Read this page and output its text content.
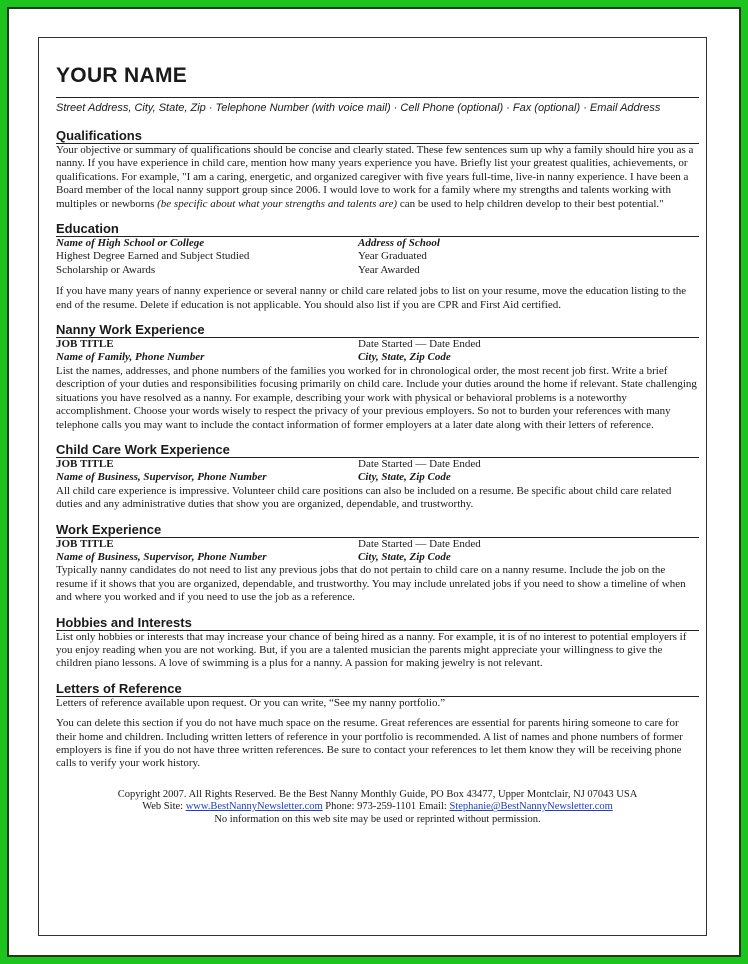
YOUR NAME
Street Address, City, State, Zip · Telephone Number (with voice mail) · Cell Phone (optional) · Fax (optional) · Email Address
Qualifications
Your objective or summary of qualifications should be concise and clearly stated. These few sentences sum up why a family should hire you as a nanny. If you have experience in child care, mention how many years experience you have. Briefly list your greatest qualities, achievements, or qualifications. For example, "I am a caring, energetic, and organized caregiver with five years full-time, live-in nanny experience. I have been a Board member of the local nanny support group since 2006. I would love to work for a family where my strengths and talents working with multiples or newborns (be specific about what your strengths and talents are) can be used to help children develop to their best potential."
Education
Name of High School or College	Address of School
Highest Degree Earned and Subject Studied	Year Graduated
Scholarship or Awards	Year Awarded
If you have many years of nanny experience or several nanny or child care related jobs to list on your resume, move the education listing to the end of the resume. Delete if education is not applicable. You should also list if you are CPR and First Aid certified.
Nanny Work Experience
JOB TITLE	Date Started — Date Ended
Name of Family, Phone Number	City, State, Zip Code
List the names, addresses, and phone numbers of the families you worked for in chronological order, the most recent job first. Write a brief description of your duties and responsibilities focusing primarily on child care. Include your duties around the home if relevant. State challenging situations you have resolved as a nanny. For example, describing your work with physical or behavioral problems is a noteworthy accomplishment. Choose your words wisely to respect the privacy of your previous employers. So not to burden your references with many telephone calls you may want to include the contact information of former employers at a later date along with their letters of reference.
Child Care Work Experience
JOB TITLE	Date Started — Date Ended
Name of Business, Supervisor, Phone Number	City, State, Zip Code
All child care experience is impressive. Volunteer child care positions can also be included on a resume. Be specific about child care related duties and any administrative duties that show you are organized, dependable, and trustworthy.
Work Experience
JOB TITLE	Date Started — Date Ended
Name of Business, Supervisor, Phone Number	City, State, Zip Code
Typically nanny candidates do not need to list any previous jobs that do not pertain to child care on a nanny resume. Include the job on the resume if it shows that you are organized, dependable, and trustworthy. You may include unrelated jobs if you need to show a timeline of when and where you worked and if you need to use the job as a reference.
Hobbies and Interests
List only hobbies or interests that may increase your chance of being hired as a nanny. For example, it is of no interest to potential employers if you enjoy reading when you are not working. But, if you are a talented musician the parents might appreciate your willingness to give the children piano lessons. A love of swimming is a plus for a nanny. A passion for making jewelry is not relevant.
Letters of Reference
Letters of reference available upon request. Or you can write, “See my nanny portfolio.”
You can delete this section if you do not have much space on the resume. Great references are essential for parents hiring someone to care for their home and children. Including written letters of reference in your portfolio is recommended. A list of names and phone numbers of former employers is fine if you do not have three written references. Be sure to contact your references to let them know they will be receiving phone calls to verify your work history.
Copyright 2007. All Rights Reserved. Be the Best Nanny Monthly Guide, PO Box 43477, Upper Montclair, NJ 07043 USA
Web Site: www.BestNannyNewsletter.com Phone: 973-259-1101 Email: Stephanie@BestNannyNewsletter.com
No information on this web site may be used or reprinted without permission.
